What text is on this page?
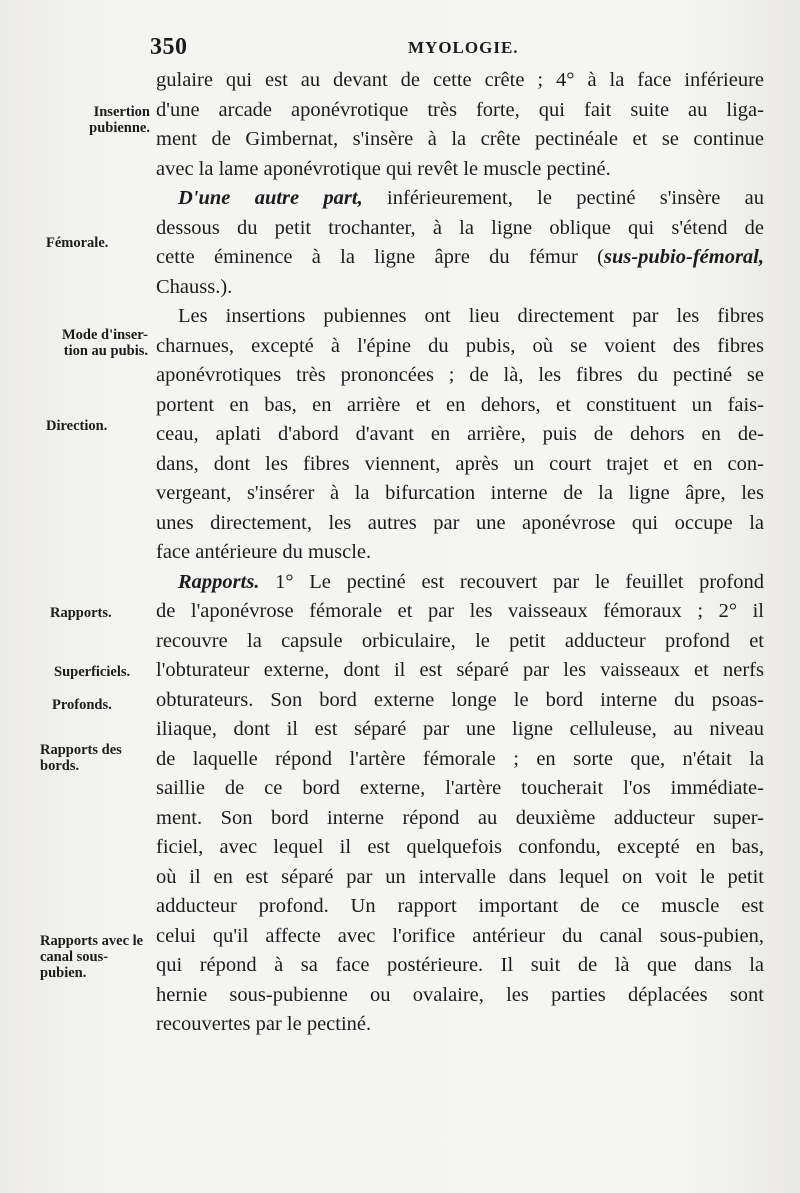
350	MYOLOGIE.
Insertion pubienne.
Fémorale.
Mode d'inser-tion au pubis.
Direction.
Rapports.
Superficiels.
Profonds.
Rapports des bords.
Rapports avec le canal sous-pubien.

gulaire qui est au devant de cette crête ; 4° à la face inférieure
d'une arcade aponévrotique très forte, qui fait suite au liga-
ment de Gimbernat, s'insère à la crête pectinéale et se continue
avec la lame aponévrotique qui revêt le muscle pectiné.

D'une autre part, inférieurement, le pectiné s'insère au
dessous du petit trochanter, à la ligne oblique qui s'étend de
cette éminence à la ligne âpre du fémur (sus-pubio-fémoral,
Chauss.).

Les insertions pubiennes ont lieu directement par les fibres
charnues, excepté à l'épine du pubis, où se voient des fibres
aponévrotiques très prononcées ; de là, les fibres du pectiné se
portent en bas, en arrière et en dehors, et constituent un fais-
ceau, aplati d'abord d'avant en arrière, puis de dehors en de-
dans, dont les fibres viennent, après un court trajet et en con-
vergeant, s'insérer à la bifurcation interne de la ligne âpre, les
unes directement, les autres par une aponévrose qui occupe la
face antérieure du muscle.

Rapports. 1° Le pectiné est recouvert par le feuillet profond
de l'aponévrose fémorale et par les vaisseaux fémoraux ; 2° il
recouvre la capsule orbiculaire, le petit adducteur profond et
l'obturateur externe, dont il est séparé par les vaisseaux et nerfs
obturateurs. Son bord externe longe le bord interne du psoas-
iliaque, dont il est séparé par une ligne celluleuse, au niveau
de laquelle répond l'artère fémorale ; en sorte que, n'était la
saillie de ce bord externe, l'artère toucherait l'os immédiate-
ment. Son bord interne répond au deuxième adducteur super-
ficiel, avec lequel il est quelquefois confondu, excepté en bas,
où il en est séparé par un intervalle dans lequel on voit le petit
adducteur profond. Un rapport important de ce muscle est
celui qu'il affecte avec l'orifice antérieur du canal sous-pubien,
qui répond à sa face postérieure. Il suit de là que dans la
hernie sous-pubienne ou ovalaire, les parties déplacées sont
recouvertes par le pectiné.
